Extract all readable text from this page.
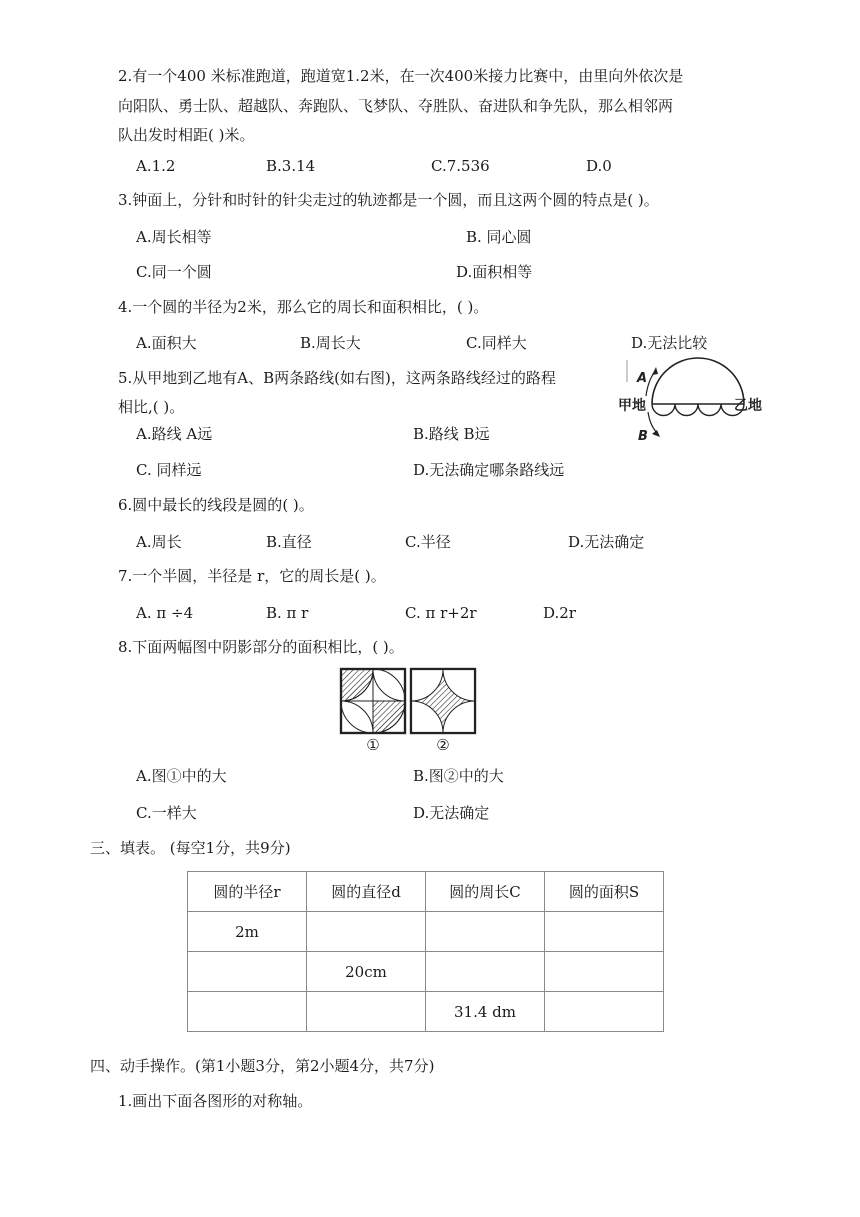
2.有一个400 米标准跑道，跑道宽1.2米，在一次400米接力比赛中，由里向外依次是
向阳队、勇士队、超越队、奔跑队、飞梦队、夺胜队、奋进队和争先队，那么相邻两
队出发时相距( )米。
A.1.2	B.3.14	C.7.536	D.0
3.钟面上，分针和时针的针尖走过的轨迹都是一个圆，而且这两个圆的特点是( )。
A.周长相等	B. 同心圆
C.同一个圆	D.面积相等
4.一个圆的半径为2米，那么它的周长和面积相比，( )。
A.面积大	B.周长大	C.同样大	D.无法比较
5.从甲地到乙地有A、B两条路线(如右图)，这两条路线经过的路程
相比,( )。
A.路线 A远	B.路线 B远
C. 同样远	D.无法确定哪条路线远
A
B
甲地	乙地
6.圆中最长的线段是圆的( )。
A.周长	B.直径	C.半径	D.无法确定
7.一个半圆，半径是 r，它的周长是( )。
A. π ÷4	B. π r	C. π r+2r	D.2r
8.下面两幅图中阴影部分的面积相比，( )。
①	②
A.图①中的大	B.图②中的大
C.一样大	D.无法确定
三、填表。 (每空1分，共9分)
圆的半径r	圆的直径d	圆的周长C	圆的面积S
2m			
	20cm		
		31.4 dm	
四、动手操作。(第1小题3分，第2小题4分，共7分)
1.画出下面各图形的对称轴。
